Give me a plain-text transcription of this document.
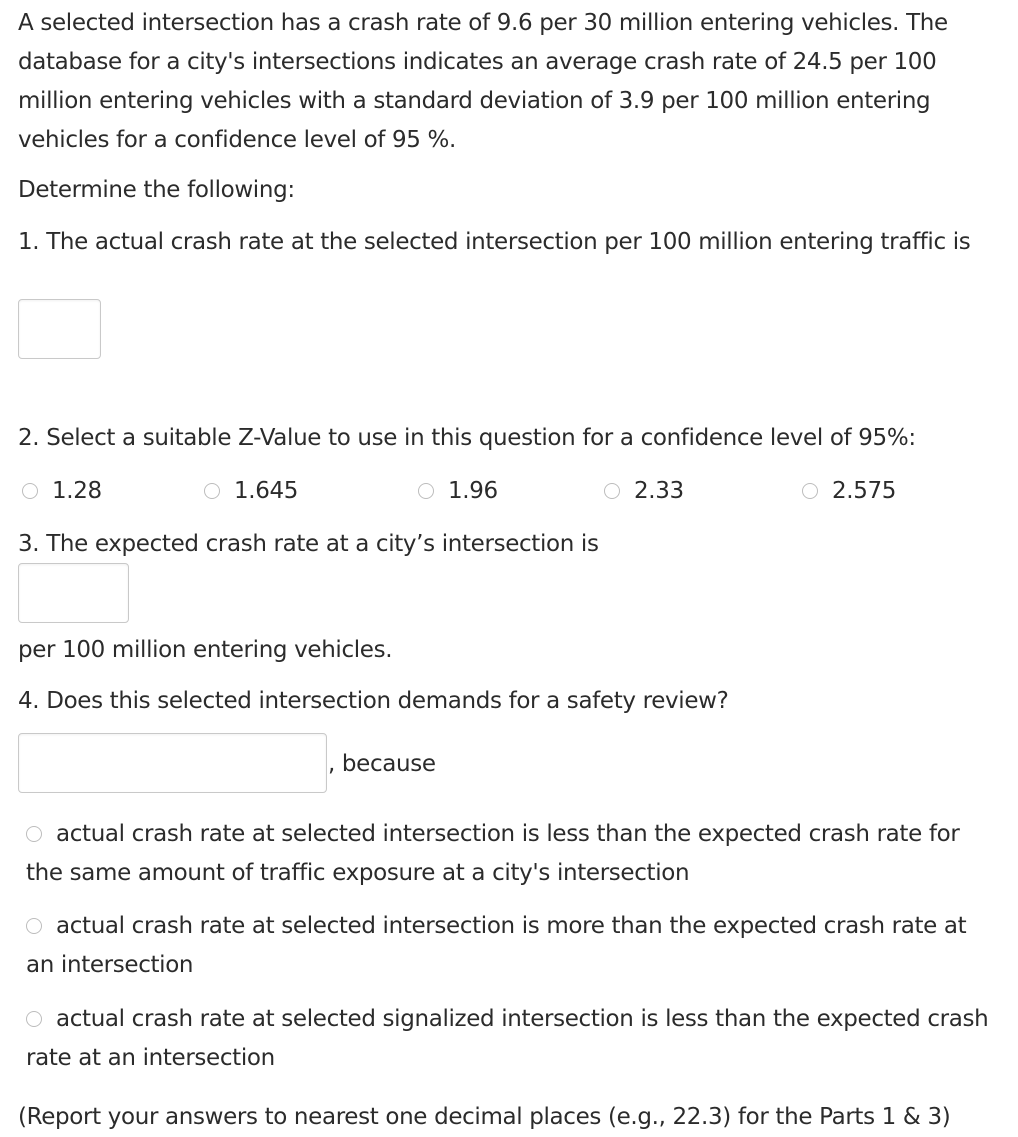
A selected intersection has a crash rate of 9.6 per 30 million entering vehicles. The database for a city's intersections indicates an average crash rate of 24.5 per 100 million entering vehicles with a standard deviation of 3.9 per 100 million entering vehicles for a confidence level of 95 %.
Determine the following:
1. The actual crash rate at the selected intersection per 100 million entering traffic is
2. Select a suitable Z-Value to use in this question for a confidence level of 95%:
1.28	1.645	1.96	2.33	2.575
3. The expected crash rate at a city’s intersection is
per 100 million entering vehicles.
4. Does this selected intersection demands for a safety review?
, because
actual crash rate at selected intersection is less than the expected crash rate for the same amount of traffic exposure at a city's intersection
actual crash rate at selected intersection is more than the expected crash rate at an intersection
actual crash rate at selected signalized intersection is less than the expected crash rate at an intersection
(Report your answers to nearest one decimal places (e.g., 22.3) for the Parts 1 & 3)
